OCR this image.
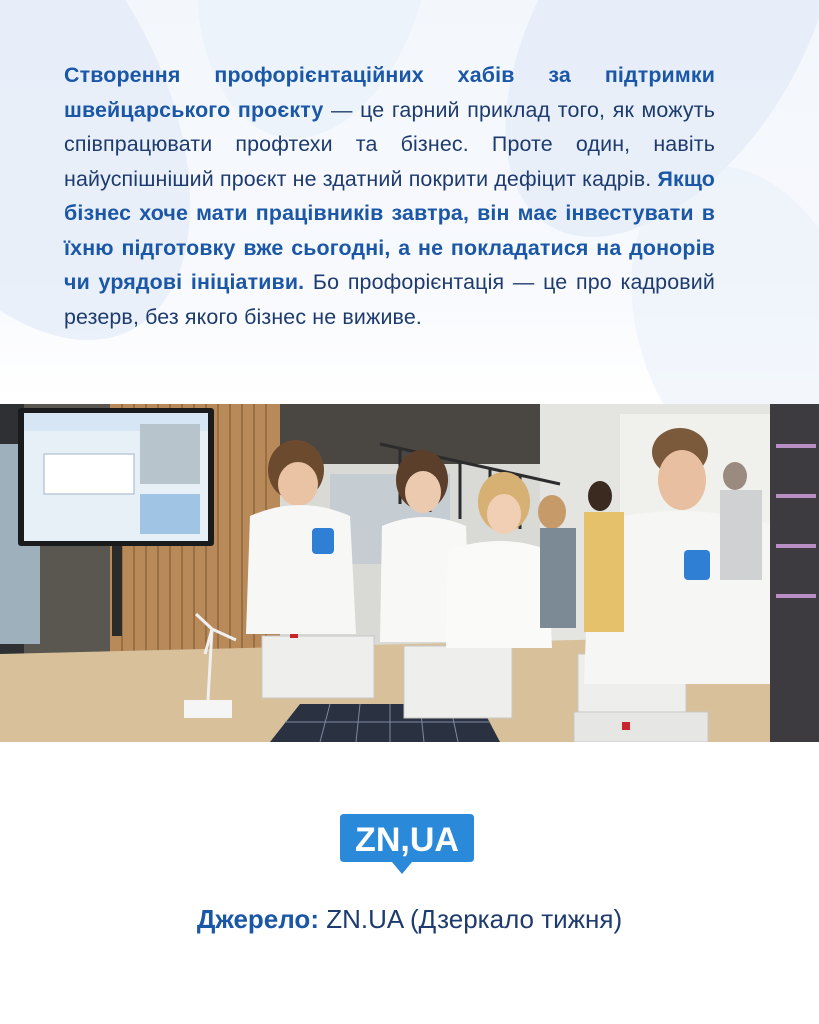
Створення профорієнтаційних хабів за підтримки швейцарського проєкту — це гарний приклад того, як можуть співпрацювати профтехи та бізнес. Проте один, навіть найуспішніший проєкт не здатний покрити дефіцит кадрів. Якщо бізнес хоче мати працівників завтра, він має інвестувати в їхню підготовку вже сьогодні, а не покладатися на донорів чи урядові ініціативи. Бо профорієнтація — це про кадровий резерв, без якого бізнес не виживе.
ZN,UA
Джерело: ZN.UA (Дзеркало тижня)
